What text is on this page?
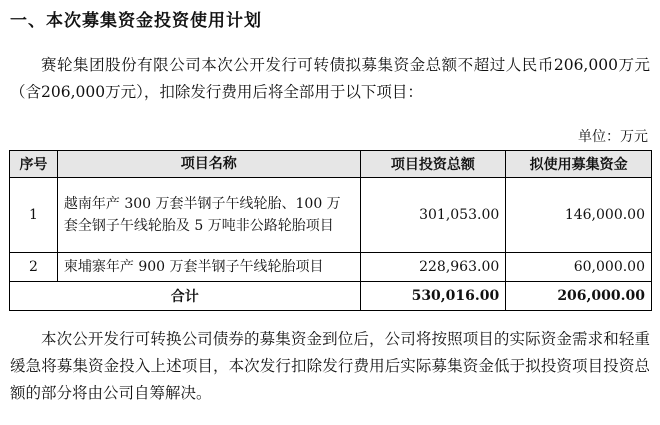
一、本次募集资金投资使用计划
赛轮集团股份有限公司本次公开发行可转债拟募集资金总额不超过人民币206,000万元（含206,000万元），扣除发行费用后将全部用于以下项目：
单位：万元
序号	项目名称	项目投资总额	拟使用募集资金
1	越南年产 300 万套半钢子午线轮胎、100 万套全钢子午线轮胎及 5 万吨非公路轮胎项目	301,053.00	146,000.00
2	柬埔寨年产 900 万套半钢子午线轮胎项目	228,963.00	60,000.00
合计		530,016.00	206,000.00
本次公开发行可转换公司债券的募集资金到位后，公司将按照项目的实际资金需求和轻重缓急将募集资金投入上述项目，本次发行扣除发行费用后实际募集资金低于拟投资项目投资总额的部分将由公司自筹解决。
